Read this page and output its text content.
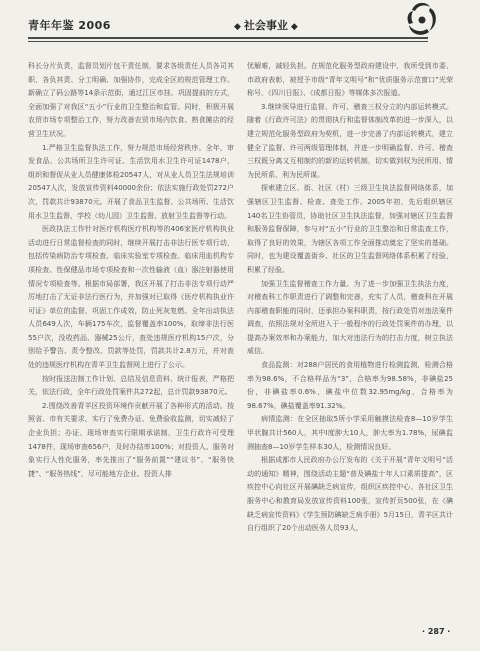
青年年鉴 2006	◆ 社会事业 ◆

科长分片负责，监督员划片包干责任制，要求各级责任人员各司其职、各负其责、分工明确、加强协作，完成全区的规范管理工作。新确立了码公路等14条示范街，通过江区市挂、巩固提前的方式，全面加强了对我区“五小”行业的卫生整治和监管。同时，积极开展农贸市场专项整治工作，努力改善农贸市场内饮食、熟食摊店的经营卫生状况。

1.严格卫生监督执法工作，努力规范市场经营秩序。全年，审发食品、公共场所卫生许可证、生活饮用水卫生许可证1478户，组织和督促从业人员健康体检20547人，对从业人员卫生法规培训20547人次，发放宣传资料40000余份；依法实施行政处罚272户次，罚款共计93870元。开展了食品卫生监督、公共场所、生活饮用水卫生监督、学校（幼儿园）卫生监督、放射卫生监督等行动。

医政执法工作针对医疗机构医疗机构等的406家医疗机构执业活动进行日常监督检查的同时，继续开展打击非法行医专项行动，包括传染病防治专项检查、临床实验室专项检查、临床用血机构专项检查、性保健品市场专项检查和一次性输液（血）器注射器使用情况专项检查等。根据市局部署，我区开展了打击非法专项行动严厉地打击了无证非法行医行为，并加强对已取得《医疗机构执业许可证》单位的监督，巩固工作成效，防止死灰复燃。全年出动执法人员649人次，车辆175车次，监督覆盖率100%，取缔非法行医55户次，没收药品、器械25公斤，查处违规医疗机构15户次，分别给予警告、责令整改、罚款等处罚，罚款共计2.8万元，并对查处的违规医疗机构在青羊卫生监督网上进行了公示。

按时报送法制工作计划、总结及信息资料、统计报表，严格把关，依法行政，全年行政处罚案件共272起，总计罚款93870元。

2.围绕改善青羊区投资环境作贡献开展了各种形式的活动。按照省、市有关要求，实行了免费办证、免费验收监测，切实减轻了企业负担；办证、现场审查实行限期承诺制，卫生行政许可受理1478件，现场审查656户，及时办结率100%；对投资人、服务对象实行人性化服务，率先推出了“服务前置”“建议书”、“服务快捷”、“服务热线”，尽可能地方企业、投资人排

忧解难，减轻负担。在规范化服务型政府建设中，我所受到市委、市政府表彰，被授予市级“青年文明号”和“优质服务示范窗口”光荣称号，《四川日报》、《成都日报》等媒体多次报道。

3.继续领导进行监督、许可、稽查三权分立的内部运转模式。随着《行政许可法》的贯彻执行和监督体制改革的进一步深入，以建立规范化服务型政府为契机，进一步完善了内部运转模式，建立健全了监督、许可两级管理体制，并进一步明确监督、许可、稽查三权既分离又互相制约的新的运转机制，切实做到权为民所用、情为民所系、利为民所谋。

探索建立区、街、社区（村）三级卫生执法监督网络体系，加强辖区卫生监督、检查、查处工作。2005年初，先后组织辖区140名卫生协管员，协助社区卫生执法监督，加强对辖区卫生监督和服务监督保障，参与对“五小”行业的卫生整治和日常监查工作，取得了良好的效果，为辖区各项工作全面推动奠定了坚实的基础。同时，也为建设覆盖街乡、社区的卫生监督网络体系积累了经验，积累了经验。

加强卫生监督稽查工作力量。为了进一步加强卫生执法力度，对稽查科工作职责进行了调整和完善，充实了人员，稽查科在开展内部稽查职能的同时，还承担办案科职责，按行政处罚对违法案件调查，依照法规对全所进入于一般程序的行政处罚案件的办理，以提高办案效率和办案能力，加大对违法行为的打击力度，树立执法威信。

食品监测：对288户居民的食用植物进行检测监测，检测合格率为98.6%，不合格样品为“3”，合格率为98.58%，非碘盐25份，非碘盐率0.6%，碘盐中位数32.95mg/kg，合格率为98.67%，碘盐覆盖率91.32%。

病情监测：在全区抽取5所小学采用触摸法检查8—10岁学生甲状腺共计560人，其中Ⅰ度肿大10人，肿大率为1.78%，尿碘监测抽查8—10岁学生样本30人，检测情况良好。

根据成都市人民政府办公厅发布的《关于开展“青年文明号”活动的通知》精神，围绕活动主题“普及碘盐十年人口素质提高”，区疾控中心向社区开展碘缺乏病宣传，组织区疾控中心、各社区卫生服务中心和教育局发放宣传资料100张，宣传折页500张，在《碘缺乏病宣传资料》《学生预防碘缺乏病手册》5月15日，青羊区共计自行组织了20个出动医务人员93人，

· 287 ·
